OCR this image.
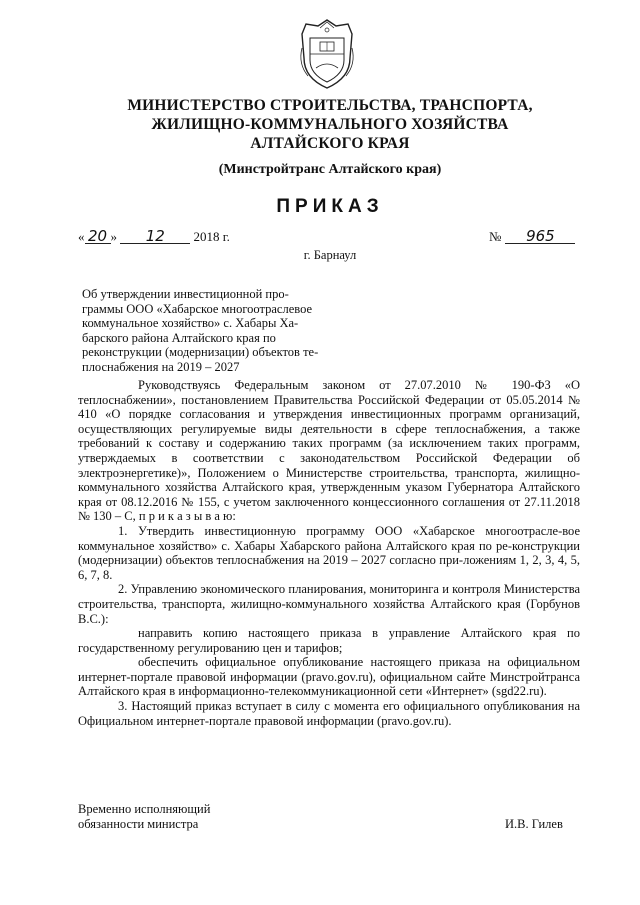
МИНИСТЕРСТВО СТРОИТЕЛЬСТВА, ТРАНСПОРТА,
ЖИЛИЩНО-КОММУНАЛЬНОГО ХОЗЯЙСТВА
АЛТАЙСКОГО КРАЯ
(Минстройтранс Алтайского края)
ПРИКАЗ
« 20 » 12 2018 г.	№ 965
г. Барнаул
Об утверждении инвестиционной про-
граммы ООО «Хабарское многоотраслевое
коммунальное хозяйство» с. Хабары Ха-
барского района Алтайского края по
реконструкции (модернизации) объектов те-
плоснабжения на 2019 – 2027

Руководствуясь Федеральным законом от 27.07.2010 № 190-ФЗ «О теплоснабжении», постановлением Правительства Российской Федерации от 05.05.2014 № 410 «О порядке согласования и утверждения инвестиционных программ организаций, осуществляющих регулируемые виды деятельности в сфере теплоснабжения, а также требований к составу и содержанию таких программ (за исключением таких программ, утверждаемых в соответствии с законодательством Российской Федерации об электроэнергетике)», Положением о Министерстве строительства, транспорта, жилищно-коммунального хозяйства Алтайского края, утвержденным указом Губернатора Алтайского края от 08.12.2016 № 155, с учетом заключенного концессионного соглашения от 27.11.2018 № 130 – С, п р и к а з ы в а ю:

1. Утвердить инвестиционную программу ООО «Хабарское многоотрасле-вое коммунальное хозяйство» с. Хабары Хабарского района Алтайского края по ре-конструкции (модернизации) объектов теплоснабжения на 2019 – 2027 согласно при-ложениям 1, 2, 3, 4, 5, 6, 7, 8.

2. Управлению экономического планирования, мониторинга и контроля Министерства строительства, транспорта, жилищно-коммунального хозяйства Алтайского края (Горбунов В.С.):

направить копию настоящего приказа в управление Алтайского края по государственному регулированию цен и тарифов;

обеспечить официальное опубликование настоящего приказа на официальном интернет-портале правовой информации (pravo.gov.ru), официальном сайте Минстройтранса Алтайского края в информационно-телекоммуникационной сети «Интернет» (sgd22.ru).

3. Настоящий приказ вступает в силу с момента его официального опубликования на Официальном интернет-портале правовой информации (pravo.gov.ru).

Временно исполняющий
обязанности министра	И.В. Гилев
